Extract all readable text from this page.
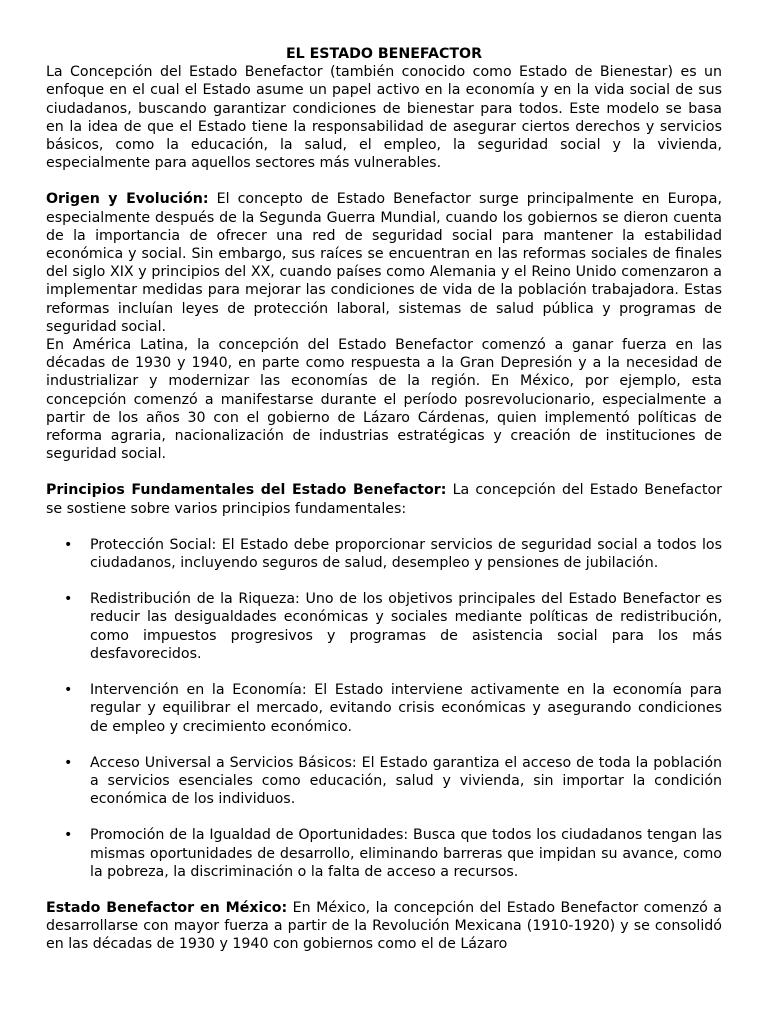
EL ESTADO BENEFACTOR

La Concepción del Estado Benefactor (también conocido como Estado de Bienestar) es un enfoque en el cual el Estado asume un papel activo en la economía y en la vida social de sus ciudadanos, buscando garantizar condiciones de bienestar para todos. Este modelo se basa en la idea de que el Estado tiene la responsabilidad de asegurar ciertos derechos y servicios básicos, como la educación, la salud, el empleo, la seguridad social y la vivienda, especialmente para aquellos sectores más vulnerables.

Origen y Evolución: El concepto de Estado Benefactor surge principalmente en Europa, especialmente después de la Segunda Guerra Mundial, cuando los gobiernos se dieron cuenta de la importancia de ofrecer una red de seguridad social para mantener la estabilidad económica y social. Sin embargo, sus raíces se encuentran en las reformas sociales de finales del siglo XIX y principios del XX, cuando países como Alemania y el Reino Unido comenzaron a implementar medidas para mejorar las condiciones de vida de la población trabajadora. Estas reformas incluían leyes de protección laboral, sistemas de salud pública y programas de seguridad social.

En América Latina, la concepción del Estado Benefactor comenzó a ganar fuerza en las décadas de 1930 y 1940, en parte como respuesta a la Gran Depresión y a la necesidad de industrializar y modernizar las economías de la región. En México, por ejemplo, esta concepción comenzó a manifestarse durante el período posrevolucionario, especialmente a partir de los años 30 con el gobierno de Lázaro Cárdenas, quien implementó políticas de reforma agraria, nacionalización de industrias estratégicas y creación de instituciones de seguridad social.

Principios Fundamentales del Estado Benefactor: La concepción del Estado Benefactor se sostiene sobre varios principios fundamentales:

• Protección Social: El Estado debe proporcionar servicios de seguridad social a todos los ciudadanos, incluyendo seguros de salud, desempleo y pensiones de jubilación.
• Redistribución de la Riqueza: Uno de los objetivos principales del Estado Benefactor es reducir las desigualdades económicas y sociales mediante políticas de redistribución, como impuestos progresivos y programas de asistencia social para los más desfavorecidos.
• Intervención en la Economía: El Estado interviene activamente en la economía para regular y equilibrar el mercado, evitando crisis económicas y asegurando condiciones de empleo y crecimiento económico.
• Acceso Universal a Servicios Básicos: El Estado garantiza el acceso de toda la población a servicios esenciales como educación, salud y vivienda, sin importar la condición económica de los individuos.
• Promoción de la Igualdad de Oportunidades: Busca que todos los ciudadanos tengan las mismas oportunidades de desarrollo, eliminando barreras que impidan su avance, como la pobreza, la discriminación o la falta de acceso a recursos.

Estado Benefactor en México: En México, la concepción del Estado Benefactor comenzó a desarrollarse con mayor fuerza a partir de la Revolución Mexicana (1910-1920) y se consolidó en las décadas de 1930 y 1940 con gobiernos como el de Lázaro
